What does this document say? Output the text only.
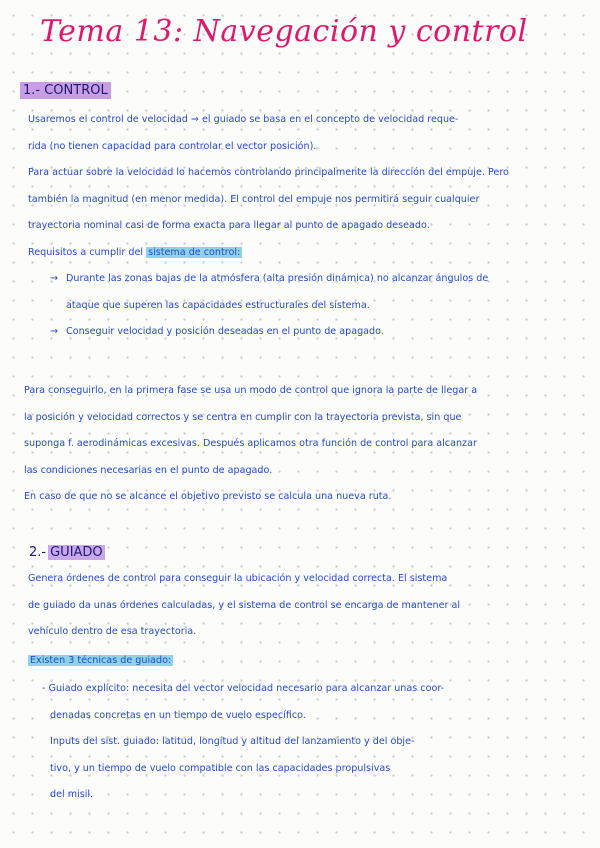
Tema 13: Navegación y control
1.- CONTROL
Usaremos el control de velocidad ⇒ el guiado se basa en el concepto de velocidad reque-
rida (no tienen capacidad para controlar el vector posición).
Para actuar sobre la velocidad lo hacemos controlando principalmente la dirección del empuje. Pero
también la magnitud (en menor medida). El control del empuje nos permitirá seguir cualquier
trayectoria nominal casi de forma exacta para llegar al punto de apagado deseado.
Requisitos a cumplir del sistema de control:
→ Durante las zonas bajas de la atmósfera (alta presión dinámica) no alcanzar ángulos de
ataque que superen las capacidades estructurales del sistema.
→ Conseguir velocidad y posición deseadas en el punto de apagado.
Para conseguirlo, en la primera fase se usa un modo de control que ignora la parte de llegar a
la posición y velocidad correctos y se centra en cumplir con la trayectoria prevista, sin que
suponga f. aerodinámicas excesivas. Después aplicamos otra función de control para alcanzar
las condiciones necesarias en el punto de apagado.
En caso de que no se alcance el objetivo previsto se calcula una nueva ruta.
2.- GUIADO
Genera órdenes de control para conseguir la ubicación y velocidad correcta. El sistema
de guiado da unas órdenes calculadas, y el sistema de control se encarga de mantener al
vehículo dentro de esa trayectoria.
Existen 3 técnicas de guiado:
- Guiado explícito: necesita del vector velocidad necesario para alcanzar unas coor-
denadas concretas en un tiempo de vuelo específico.
Inputs del sist. guiado: latitud, longitud y altitud del lanzamiento y del obje-
tivo, y un tiempo de vuelo compatible con las capacidades propulsivas
del misil.
